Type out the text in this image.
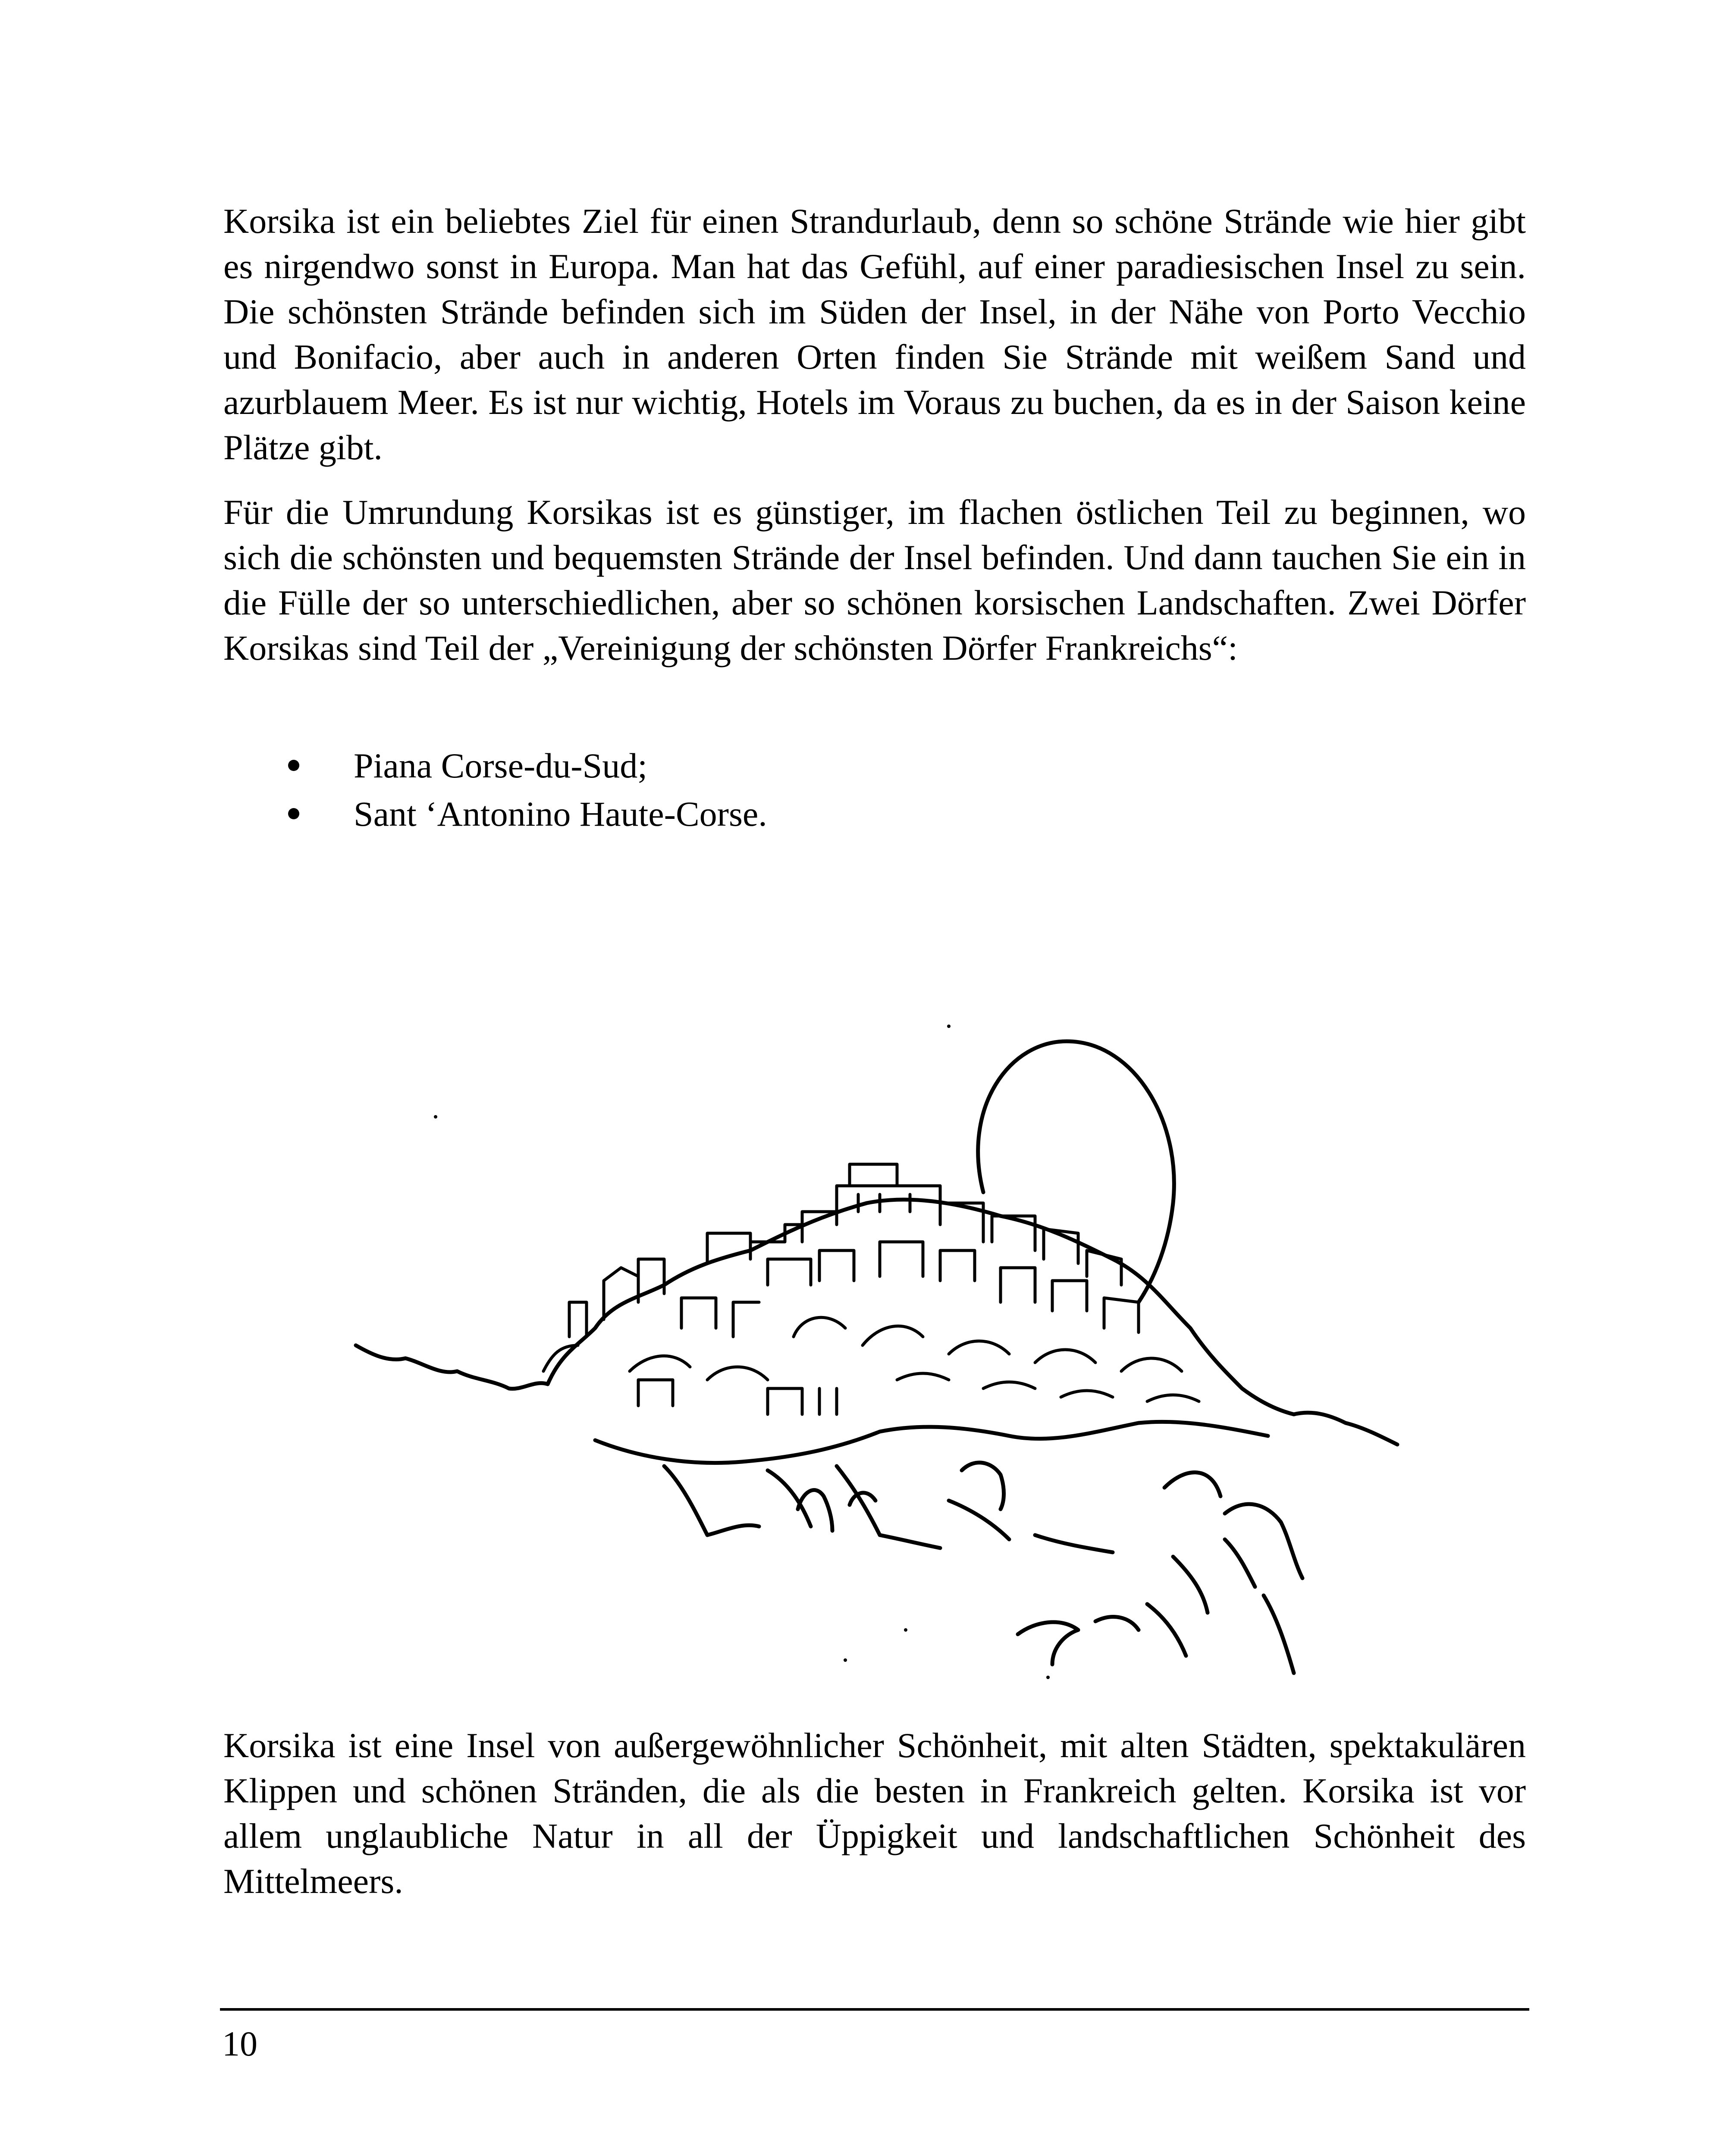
Korsika ist ein beliebtes Ziel für einen Strandurlaub, denn so schöne Strände wie hier gibt es nirgendwo sonst in Europa. Man hat das Gefühl, auf einer paradiesischen Insel zu sein. Die schönsten Strände befinden sich im Süden der Insel, in der Nähe von Porto Vecchio und Bonifacio, aber auch in anderen Orten finden Sie Strände mit weißem Sand und azurblauem Meer. Es ist nur wichtig, Hotels im Voraus zu buchen, da es in der Saison keine Plätze gibt.

Für die Umrundung Korsikas ist es günstiger, im flachen östlichen Teil zu beginnen, wo sich die schönsten und bequemsten Strände der Insel befinden. Und dann tauchen Sie ein in die Fülle der so unterschiedlichen, aber so schönen korsischen Landschaften. Zwei Dörfer Korsikas sind Teil der „Vereinigung der schönsten Dörfer Frankreichs“:

Piana Corse-du-Sud;
Sant ‘Antonino Haute-Corse.

Korsika ist eine Insel von außergewöhnlicher Schönheit, mit alten Städten, spektakulären Klippen und schönen Stränden, die als die besten in Frankreich gelten. Korsika ist vor allem unglaubliche Natur in all der Üppigkeit und landschaftlichen Schönheit des Mittelmeers.

10
